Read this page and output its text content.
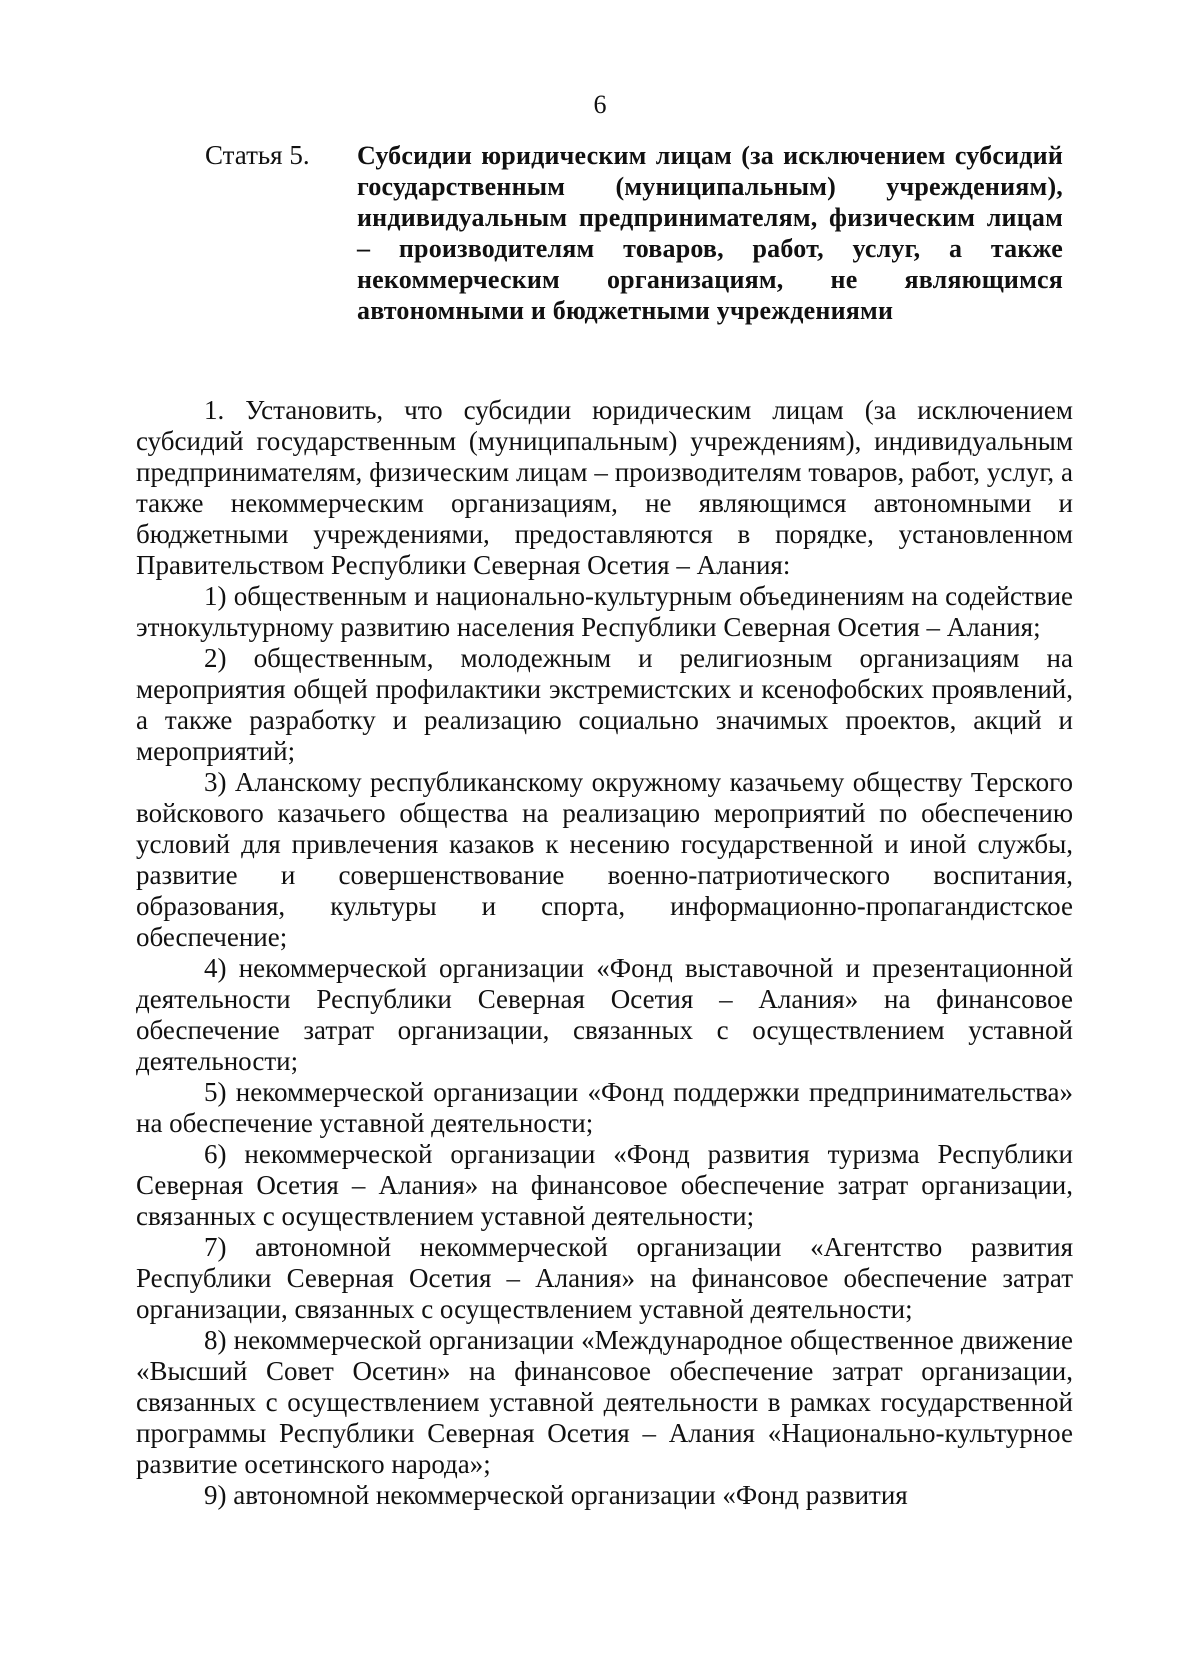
6
Статья 5.	Субсидии юридическим лицам (за исключением субсидий государственным (муниципальным) учреждениям), индивидуальным предпринимателям, физическим лицам – производителям товаров, работ, услуг, а также некоммерческим организациям, не являющимся автономными и бюджетными учреждениями

1. Установить, что субсидии юридическим лицам (за исключением субсидий государственным (муниципальным) учреждениям), индивидуальным предпринимателям, физическим лицам – производителям товаров, работ, услуг, а также некоммерческим организациям, не являющимся автономными и бюджетными учреждениями, предоставляются в порядке, установленном Правительством Республики Северная Осетия – Алания:

1) общественным и национально-культурным объединениям на содействие этнокультурному развитию населения Республики Северная Осетия – Алания;

2) общественным, молодежным и религиозным организациям на мероприятия общей профилактики экстремистских и ксенофобских проявлений, а также разработку и реализацию социально значимых проектов, акций и мероприятий;

3) Аланскому республиканскому окружному казачьему обществу Терского войскового казачьего общества на реализацию мероприятий по обеспечению условий для привлечения казаков к несению государственной и иной службы, развитие и совершенствование военно-патриотического воспитания, образования, культуры и спорта, информационно-пропагандистское обеспечение;

4) некоммерческой организации «Фонд выставочной и презентационной деятельности Республики Северная Осетия – Алания» на финансовое обеспечение затрат организации, связанных с осуществлением уставной деятельности;

5) некоммерческой организации «Фонд поддержки предпринимательства» на обеспечение уставной деятельности;

6) некоммерческой организации «Фонд развития туризма Республики Северная Осетия – Алания» на финансовое обеспечение затрат организации, связанных с осуществлением уставной деятельности;

7) автономной некоммерческой организации «Агентство развития Республики Северная Осетия – Алания» на финансовое обеспечение затрат организации, связанных с осуществлением уставной деятельности;

8) некоммерческой организации «Международное общественное движение «Высший Совет Осетин» на финансовое обеспечение затрат организации, связанных с осуществлением уставной деятельности в рамках государственной программы Республики Северная Осетия – Алания «Национально-культурное развитие осетинского народа»;

9) автономной некоммерческой организации «Фонд развития
